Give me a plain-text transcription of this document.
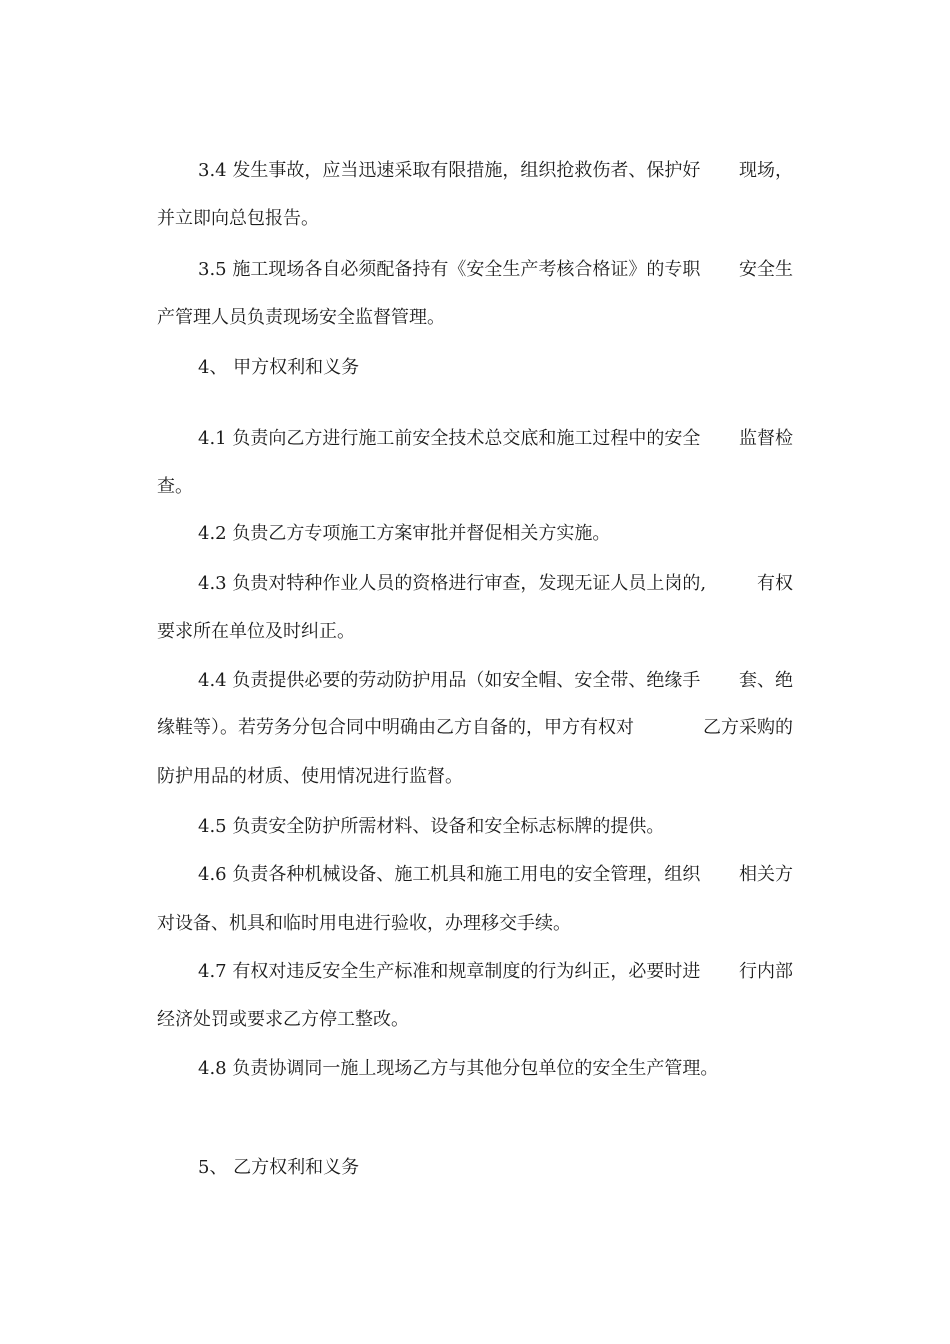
3.4 发生事故，应当迅速采取有限措施，组织抢救伤者、保护好 现场，
并立即向总包报告。
3.5 施工现场各自必须配备持有《安全生产考核合格证》的专职 安全生
产管理人员负责现场安全监督管理。
4、 甲方权利和义务
4.1 负责向乙方进行施工前安全技术总交底和施工过程中的安全 监督检
查。
4.2 负贵乙方专项施工方案审批并督促相关方实施。
4.3 负贵对特种作业人员的资格进行审查，发现无证人员上岗的,	有权
要求所在单位及时纠正。
4.4 负责提供必要的劳动防护用品（如安全帽、安全带、绝缘手 套、绝
缘鞋等）。若劳务分包合同中明确由乙方自备的，甲方有权对	乙方采购的
防护用品的材质、使用情况进行监督。
4.5 负责安全防护所需材料、设备和安全标志标牌的提供。
4.6 负责各种机械设备、施工机具和施工用电的安全管理，组织 相关方
对设备、机具和临时用电进行验收，办理移交手续。
4.7 有权对违反安全生产标准和规章制度的行为纠正，必要时进 行内部
经济处罚或要求乙方停工整改。
4.8 负责协调同一施丄现场乙方与其他分包单位的安全生产管理。
5、 乙方权利和义务
